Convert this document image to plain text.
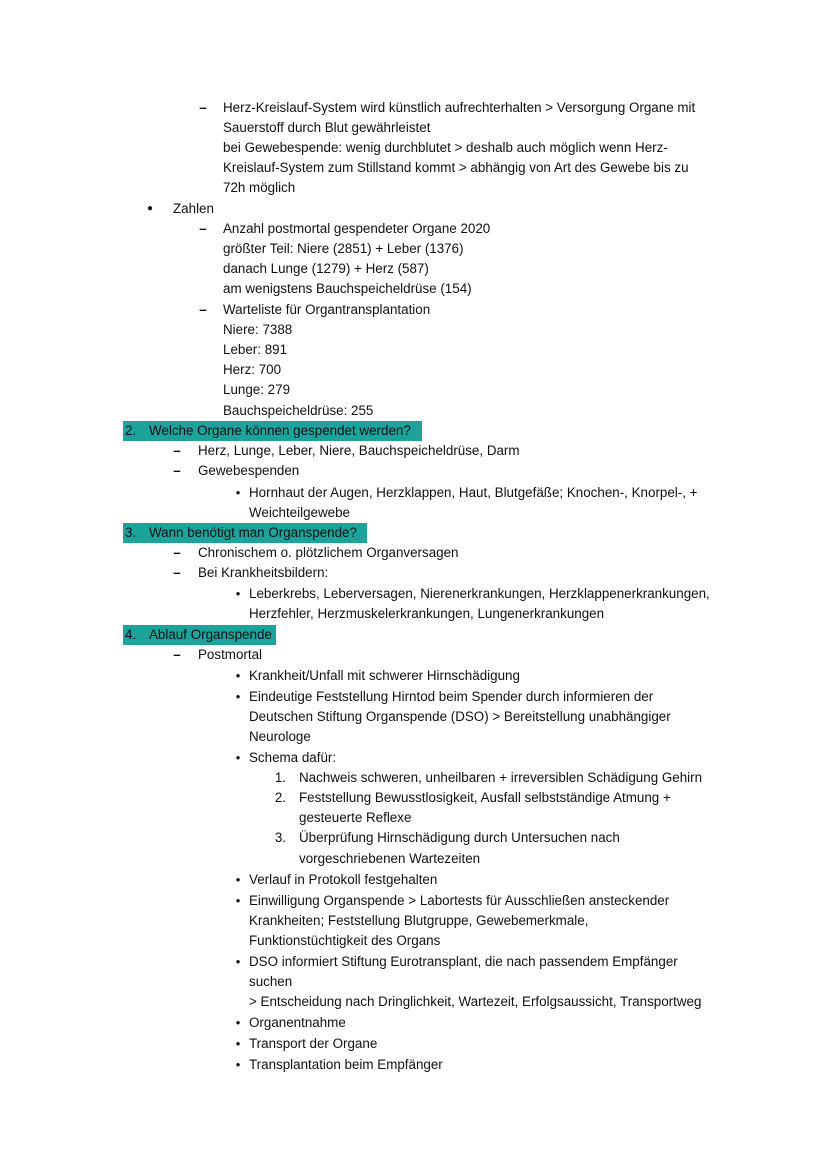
– Herz-Kreislauf-System wird künstlich aufrechterhalten > Versorgung Organe mit
Sauerstoff durch Blut gewährleistet
bei Gewebespende: wenig durchblutet > deshalb auch möglich wenn Herz-
Kreislauf-System zum Stillstand kommt > abhängig von Art des Gewebe bis zu
72h möglich
● Zahlen
– Anzahl postmortal gespendeter Organe 2020
größter Teil: Niere (2851) + Leber (1376)
danach Lunge (1279) + Herz (587)
am wenigstens Bauchspeicheldrüse (154)
– Warteliste für Organtransplantation
Niere: 7388
Leber: 891
Herz: 700
Lunge: 279
Bauchspeicheldrüse: 255
2. Welche Organe können gespendet werden?
– Herz, Lunge, Leber, Niere, Bauchspeicheldrüse, Darm
– Gewebespenden
• Hornhaut der Augen, Herzklappen, Haut, Blutgefäße; Knochen-, Knorpel-, +
Weichteilgewebe
3. Wann benötigt man Organspende?
– Chronischem o. plötzlichem Organversagen
– Bei Krankheitsbildern:
• Leberkrebs, Leberversagen, Nierenerkrankungen, Herzklappenerkrankungen,
Herzfehler, Herzmuskelerkrankungen, Lungenerkrankungen
4. Ablauf Organspende
– Postmortal
• Krankheit/Unfall mit schwerer Hirnschädigung
• Eindeutige Feststellung Hirntod beim Spender durch informieren der
Deutschen Stiftung Organspende (DSO) > Bereitstellung unabhängiger
Neurologe
• Schema dafür:
1. Nachweis schweren, unheilbaren + irreversiblen Schädigung Gehirn
2. Feststellung Bewusstlosigkeit, Ausfall selbstständige Atmung +
gesteuerte Reflexe
3. Überprüfung Hirnschädigung durch Untersuchen nach
vorgeschriebenen Wartezeiten
• Verlauf in Protokoll festgehalten
• Einwilligung Organspende > Labortests für Ausschließen ansteckender
Krankheiten; Feststellung Blutgruppe, Gewebemerkmale,
Funktionstüchtigkeit des Organs
• DSO informiert Stiftung Eurotransplant, die nach passendem Empfänger
suchen
> Entscheidung nach Dringlichkeit, Wartezeit, Erfolgsaussicht, Transportweg
• Organentnahme
• Transport der Organe
• Transplantation beim Empfänger
